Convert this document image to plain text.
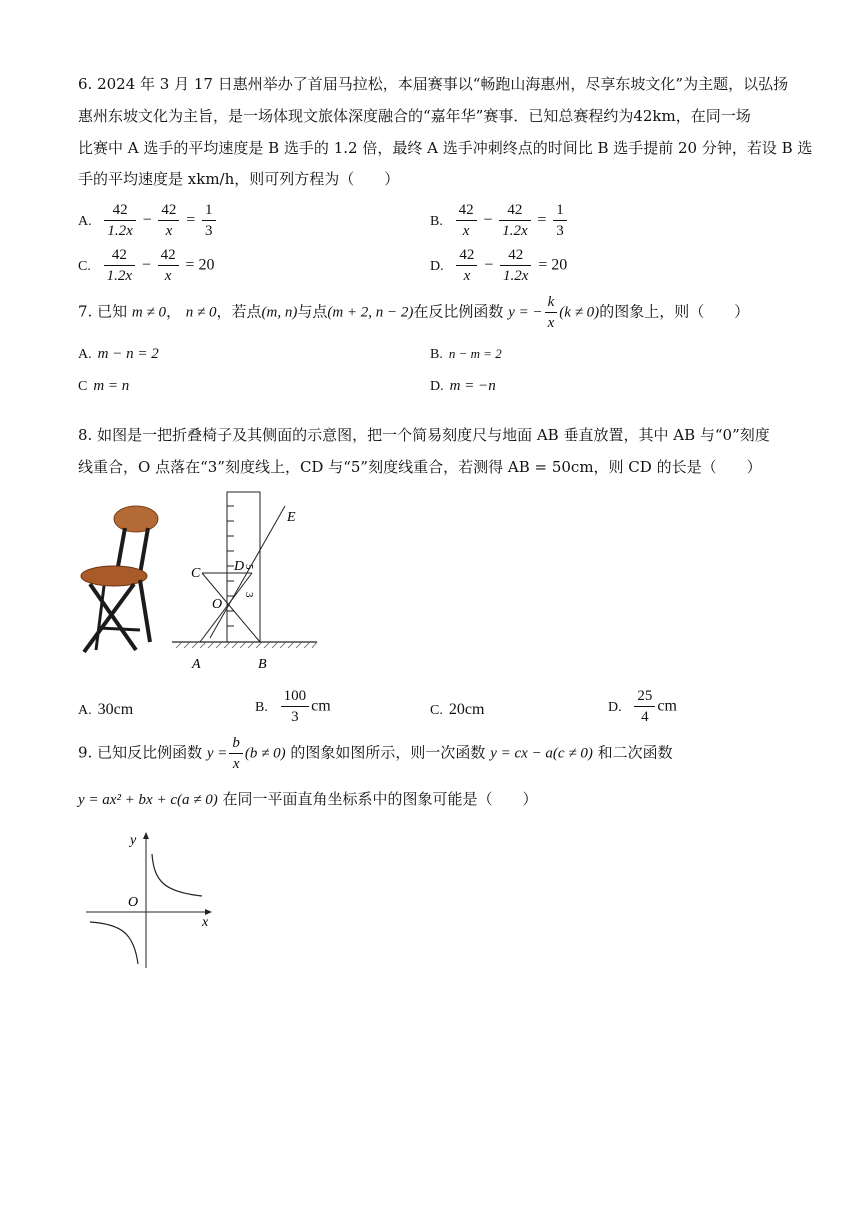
6. 2024 年 3 月 17 日惠州举办了首届马拉松，本届赛事以“畅跑山海惠州，尽享东坡文化”为主题，以弘扬
惠州东坡文化为主旨，是一场体现文旅体深度融合的“嘉年华”赛事．已知总赛程约为42km，在同一场
比赛中 A 选手的平均速度是 B 选手的 1.2 倍，最终 A 选手冲刺终点的时间比 B 选手提前 20 分钟，若设 B 选
手的平均速度是 xkm/h，则可列方程为（　　）
A. $\frac{42}{1.2x} - \frac{42}{x} = \frac{1}{3}$	B. $\frac{42}{x} - \frac{42}{1.2x} = \frac{1}{3}$
C. $\frac{42}{1.2x} - \frac{42}{x} = 20$	D. $\frac{42}{x} - \frac{42}{1.2x} = 20$
7. 已知 m ≠ 0， n ≠ 0，若点(m, n)与点(m + 2, n − 2)在反比例函数 y = − $\frac{k}{x} (k \ne 0)$的图象上，则（　　）
A. m − n = 2	B. n − m = 2
C m = n	D. m = −n
8. 如图是一把折叠椅子及其侧面的示意图，把一个简易刻度尺与地面 AB 垂直放置，其中 AB 与“0”刻度
线重合，O 点落在“3”刻度线上，CD 与“5”刻度线重合，若测得 AB = 50cm，则 CD 的长是（　　）
E
C D
O
A	B
5
3
A. 30cm	B. $\frac{100}{3}$ cm	C. 20cm	D. $\frac{25}{4}$ cm
9. 已知反比例函数 $y = \frac{b}{x} (b \ne 0)$ 的图象如图所示，则一次函数 y = cx − a(c ≠ 0) 和二次函数
y = ax² + bx + c(a ≠ 0) 在同一平面直角坐标系中的图象可能是（　　）
y
x
O
